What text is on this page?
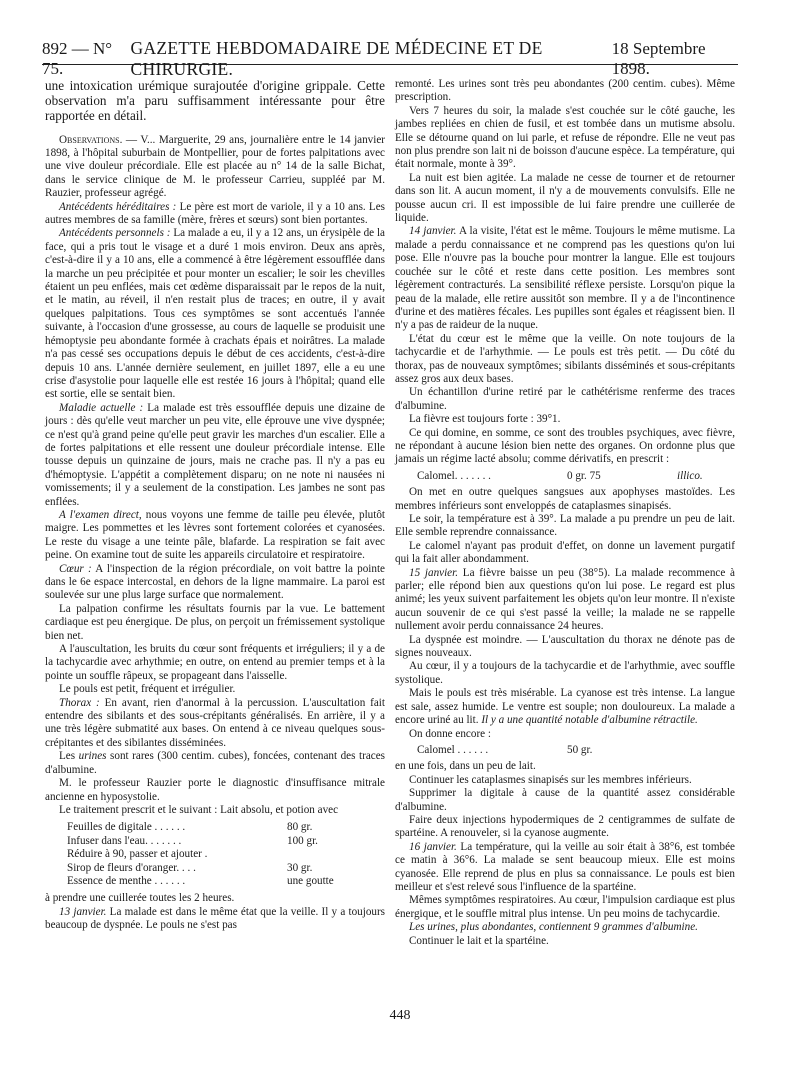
892 — N° 75.
GAZETTE HEBDOMADAIRE DE MÉDECINE ET DE CHIRURGIE.
18 Septembre 1898.

une intoxication urémique surajoutée d'origine grippale. Cette observation m'a paru suffisamment intéressante pour être rapportée en détail.

Observations. — V... Marguerite, 29 ans, journalière entre le 14 janvier 1898, à l'hôpital suburbain de Montpellier, pour de fortes palpitations avec une vive douleur précordiale. Elle est placée au n° 14 de la salle Bichat, dans le service clinique de M. le professeur Carrieu, suppléé par M. Rauzier, professeur agrégé.

Antécédents héréditaires : Le père est mort de variole, il y a 10 ans. Les autres membres de sa famille (mère, frères et sœurs) sont bien portantes.

Antécédents personnels : La malade a eu, il y a 12 ans, un érysipèle de la face, qui a pris tout le visage et a duré 1 mois environ. Deux ans après, c'est-à-dire il y a 10 ans, elle a commencé à être légèrement essoufflée dans la marche un peu précipitée et pour monter un escalier; le soir les chevilles étaient un peu enflées, mais cet œdème disparaissait par le repos de la nuit, et le matin, au réveil, il n'en restait plus de traces; en outre, il y avait quelques palpitations. Tous ces symptômes se sont accentués l'année suivante, à l'occasion d'une grossesse, au cours de laquelle se produisit une hémoptysie peu abondante formée à crachats épais et noirâtres. La malade n'a pas cessé ses occupations depuis le début de ces accidents, c'est-à-dire depuis 10 ans. L'année dernière seulement, en juillet 1897, elle a eu une crise d'asystolie pour laquelle elle est restée 16 jours à l'hôpital; quand elle est sortie, elle se sentait bien.

Maladie actuelle : La malade est très essoufflée depuis une dizaine de jours : dès qu'elle veut marcher un peu vite, elle éprouve une vive dyspnée; ce n'est qu'à grand peine qu'elle peut gravir les marches d'un escalier. Elle a de fortes palpitations et elle ressent une douleur précordiale intense. Elle tousse depuis un quinzaine de jours, mais ne crache pas. Il n'y a pas eu d'hémoptysie. L'appétit a complètement disparu; on ne note ni nausées ni vomissements; il y a seulement de la constipation. Les jambes ne sont pas enflées.

A l'examen direct, nous voyons une femme de taille peu élevée, plutôt maigre. Les pommettes et les lèvres sont fortement colorées et cyanosées. Le reste du visage a une teinte pâle, blafarde. La respiration se fait avec peine. On examine tout de suite les appareils circulatoire et respiratoire.

Cœur : A l'inspection de la région précordiale, on voit battre la pointe dans le 6e espace intercostal, en dehors de la ligne mammaire. La paroi est soulevée sur une plus large surface que normalement.

La palpation confirme les résultats fournis par la vue. Le battement cardiaque est peu énergique. De plus, on perçoit un frémissement systolique bien net.

A l'auscultation, les bruits du cœur sont fréquents et irréguliers; il y a de la tachycardie avec arhythmie; en outre, on entend au premier temps et à la pointe un souffle râpeux, se propageant dans l'aisselle.

Le pouls est petit, fréquent et irrégulier.

Thorax : En avant, rien d'anormal à la percussion. L'auscultation fait entendre des sibilants et des sous-crépitants généralisés. En arrière, il y a une très légère submatité aux bases. On entend à ce niveau quelques sous-crépitantes et des sibilantes disséminées.

Les urines sont rares (300 centim. cubes), foncées, contenant des traces d'albumine.

M. le professeur Rauzier porte le diagnostic d'insuffisance mitrale ancienne en hyposystolie.

Le traitement prescrit et le suivant : Lait absolu, et potion avec

Feuilles de digitale . . . . . .	80 gr.
Infuser dans l'eau. . . . . . .	100 gr.
Réduire à 90, passer et ajouter .
Sirop de fleurs d'oranger. . . .	30 gr.
Essence de menthe . . . . . .	une goutte

à prendre une cuillerée toutes les 2 heures.

13 janvier. La malade est dans le même état que la veille. Il y a toujours beaucoup de dyspnée. Le pouls ne s'est pas

remonté. Les urines sont très peu abondantes (200 centim. cubes). Même prescription.

Vers 7 heures du soir, la malade s'est couchée sur le côté gauche, les jambes repliées en chien de fusil, et est tombée dans un mutisme absolu. Elle se détourne quand on lui parle, et refuse de répondre. Elle ne veut pas non plus prendre son lait ni de boisson d'aucune espèce. La température, qui était normale, monte à 39°.

La nuit est bien agitée. La malade ne cesse de tourner et de retourner dans son lit. A aucun moment, il n'y a de mouvements convulsifs. Elle ne pousse aucun cri. Il est impossible de lui faire prendre une cuillerée de liquide.

14 janvier. A la visite, l'état est le même. Toujours le même mutisme. La malade a perdu connaissance et ne comprend pas les questions qu'on lui pose. Elle n'ouvre pas la bouche pour montrer la langue. Elle est toujours couchée sur le côté et reste dans cette position. Les membres sont légèrement contracturés. La sensibilité réflexe persiste. Lorsqu'on pique la peau de la malade, elle retire aussitôt son membre. Il y a de l'incontinence d'urine et des matières fécales. Les pupilles sont égales et réagissent bien. Il n'y a pas de raideur de la nuque.

L'état du cœur est le même que la veille. On note toujours de la tachycardie et de l'arhythmie. — Le pouls est très petit. — Du côté du thorax, pas de nouveaux symptômes; sibilants disséminés et sous-crépitants assez gros aux deux bases.

Un échantillon d'urine retiré par le cathétérisme renferme des traces d'albumine.

La fièvre est toujours forte : 39°1.

Ce qui domine, en somme, ce sont des troubles psychiques, avec fièvre, ne répondant à aucune lésion bien nette des organes. On ordonne plus que jamais un régime lacté absolu; comme dérivatifs, en prescrit :

Calomel. . . . . . .	0 gr. 75	illico.

On met en outre quelques sangsues aux apophyses mastoïdes. Les membres inférieurs sont enveloppés de cataplasmes sinapisés.

Le soir, la température est à 39°. La malade a pu prendre un peu de lait. Elle semble reprendre connaissance.

Le calomel n'ayant pas produit d'effet, on donne un lavement purgatif qui la fait aller abondamment.

15 janvier. La fièvre baisse un peu (38°5). La malade recommence à parler; elle répond bien aux questions qu'on lui pose. Le regard est plus animé; les yeux suivent parfaitement les objets qu'on leur montre. Il n'existe aucun souvenir de ce qui s'est passé la veille; la malade ne se rappelle nullement avoir perdu connaissance 24 heures.

La dyspnée est moindre. — L'auscultation du thorax ne dénote pas de signes nouveaux.

Au cœur, il y a toujours de la tachycardie et de l'arhythmie, avec souffle systolique.

Mais le pouls est très misérable. La cyanose est très intense. La langue est sale, assez humide. Le ventre est souple; non douloureux. La malade a encore uriné au lit. Il y a une quantité notable d'albumine rétractile.

On donne encore :

Calomel . . . . . .	50 gr.

en une fois, dans un peu de lait.

Continuer les cataplasmes sinapisés sur les membres inférieurs.

Supprimer la digitale à cause de la quantité assez considérable d'albumine.

Faire deux injections hypodermiques de 2 centigrammes de sulfate de spartéine. A renouveler, si la cyanose augmente.

16 janvier. La température, qui la veille au soir était à 38°6, est tombée ce matin à 36°6. La malade se sent beaucoup mieux. Elle est moins cyanosée. Elle reprend de plus en plus sa connaissance. Le pouls est bien meilleur et s'est relevé sous l'influence de la spartéine.

Mêmes symptômes respiratoires. Au cœur, l'impulsion cardiaque est plus énergique, et le souffle mitral plus intense. Un peu moins de tachycardie.

Les urines, plus abondantes, contiennent 9 grammes d'albumine.

Continuer le lait et la spartéine.

448
